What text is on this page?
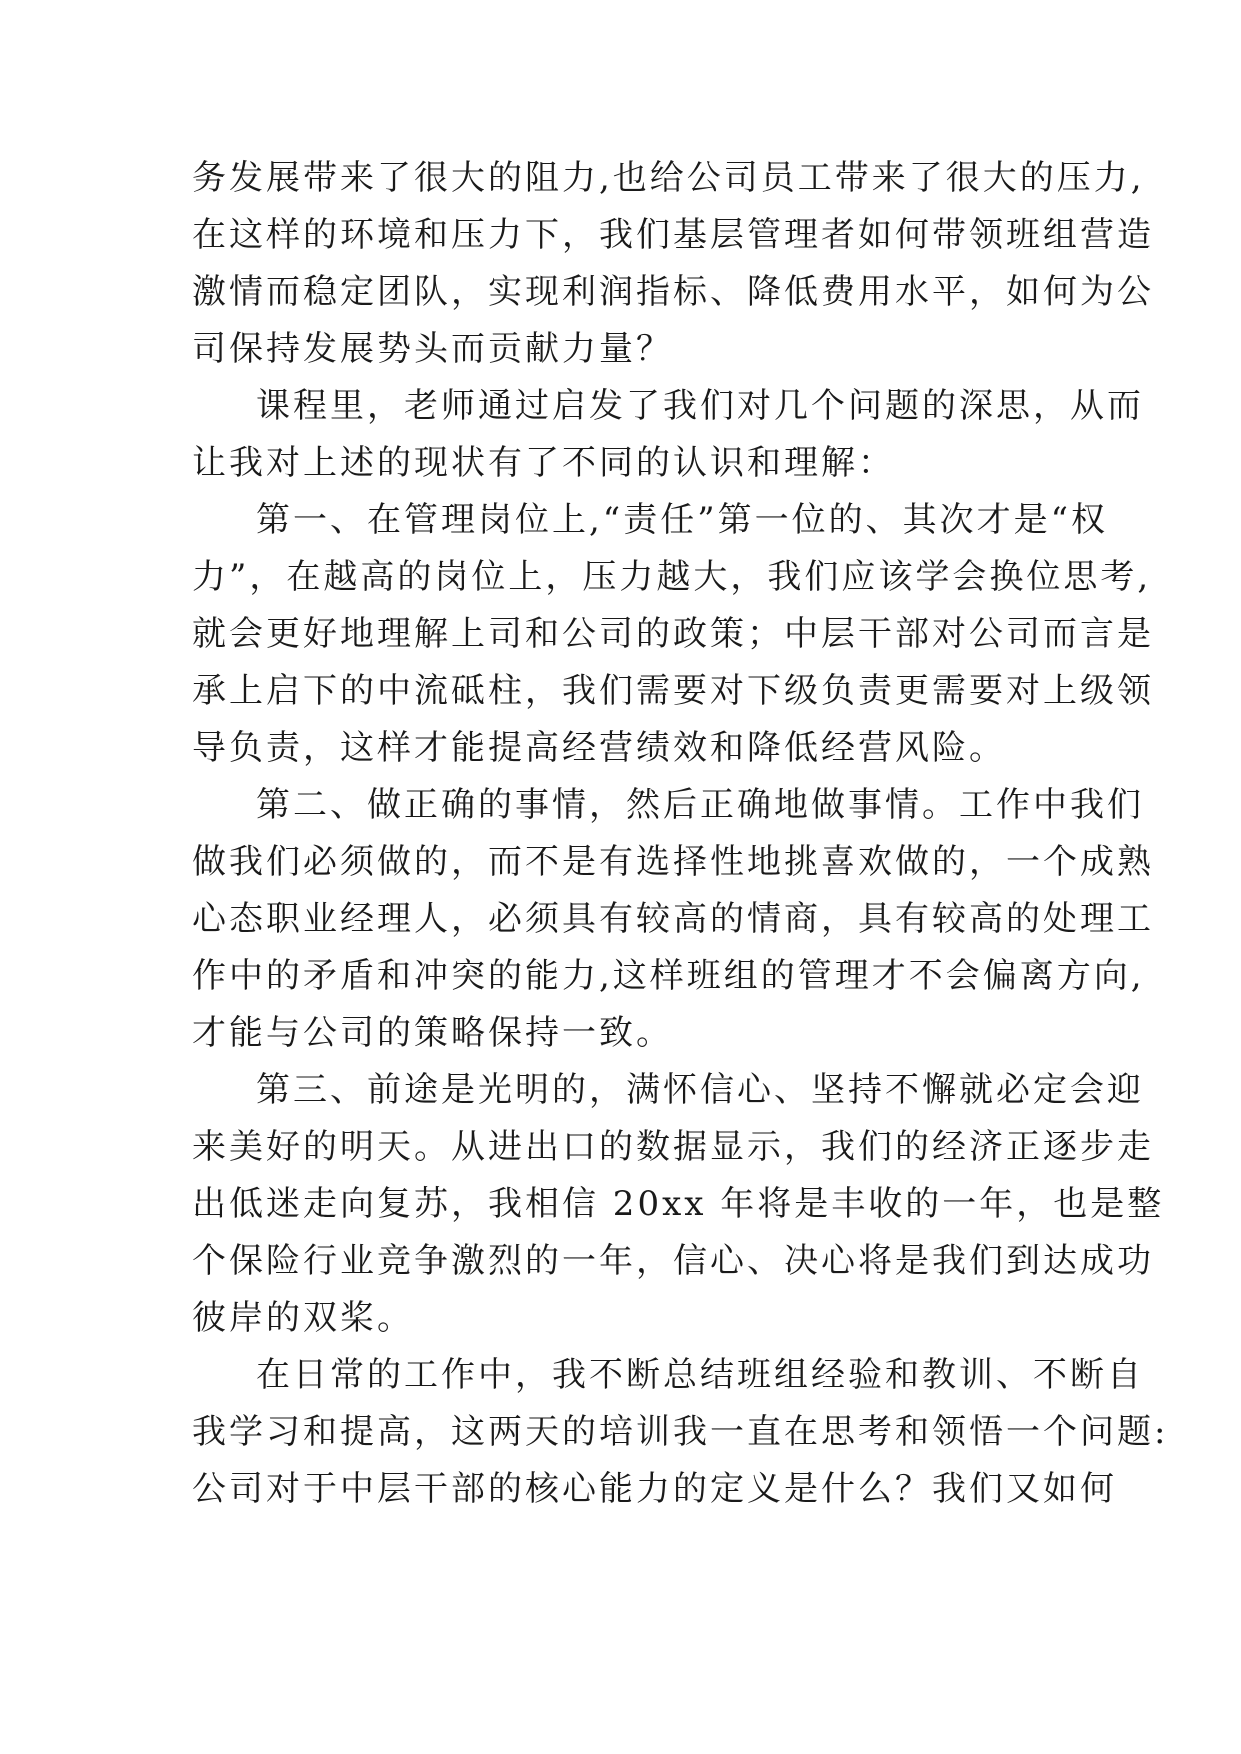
务发展带来了很大的阻力,也给公司员工带来了很大的压力,
在这样的环境和压力下，我们基层管理者如何带领班组营造
激情而稳定团队，实现利润指标、降低费用水平，如何为公
司保持发展势头而贡献力量？
课程里，老师通过启发了我们对几个问题的深思，从而
让我对上述的现状有了不同的认识和理解：
第一、在管理岗位上,“责任”第一位的、其次才是“权
力”，在越高的岗位上，压力越大，我们应该学会换位思考,
就会更好地理解上司和公司的政策；中层干部对公司而言是
承上启下的中流砥柱，我们需要对下级负责更需要对上级领
导负责，这样才能提高经营绩效和降低经营风险。
第二、做正确的事情，然后正确地做事情。工作中我们
做我们必须做的，而不是有选择性地挑喜欢做的，一个成熟
心态职业经理人，必须具有较高的情商，具有较高的处理工
作中的矛盾和冲突的能力,这样班组的管理才不会偏离方向,
才能与公司的策略保持一致。
第三、前途是光明的，满怀信心、坚持不懈就必定会迎
来美好的明天。从进出口的数据显示，我们的经济正逐步走
出低迷走向复苏，我相信 20xx 年将是丰收的一年，也是整
个保险行业竞争激烈的一年，信心、决心将是我们到达成功
彼岸的双桨。
在日常的工作中，我不断总结班组经验和教训、不断自
我学习和提高，这两天的培训我一直在思考和领悟一个问题:
公司对于中层干部的核心能力的定义是什么？我们又如何
